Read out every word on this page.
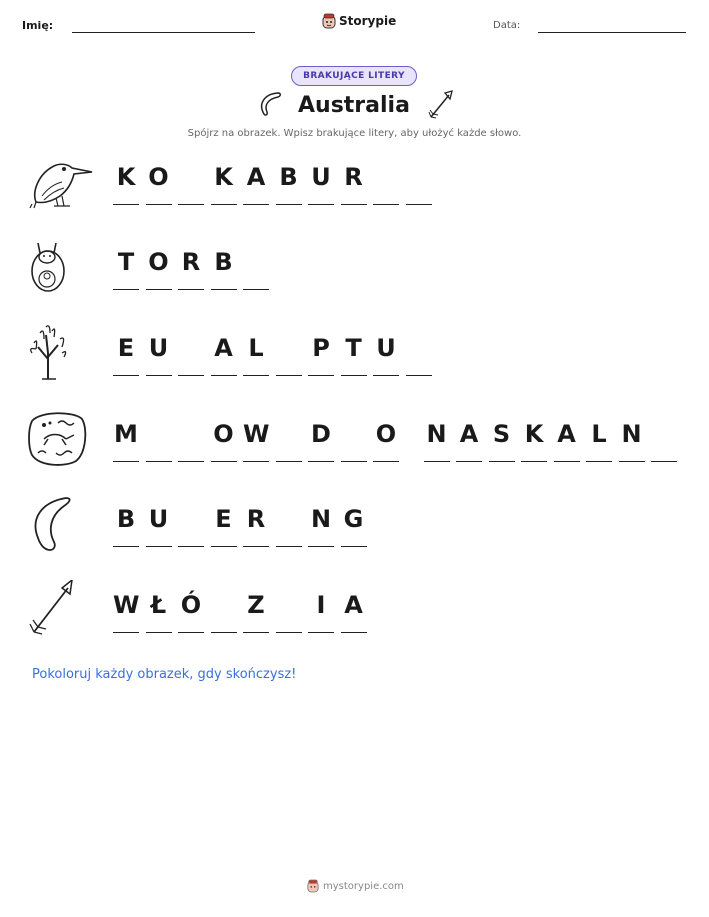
Imię:	Storypie	Data:
BRAKUJĄCE LITERY
Australia
Spójrz na obrazek. Wpisz brakujące litery, aby ułożyć każde słowo.
K O K A B U R
T O R B
E U A L P T U
M	O W D O N A S K A L N
B U E R N G
W Ł Ó Z	I A
Pokoloruj każdy obrazek, gdy skończysz!
mystorypie.com
